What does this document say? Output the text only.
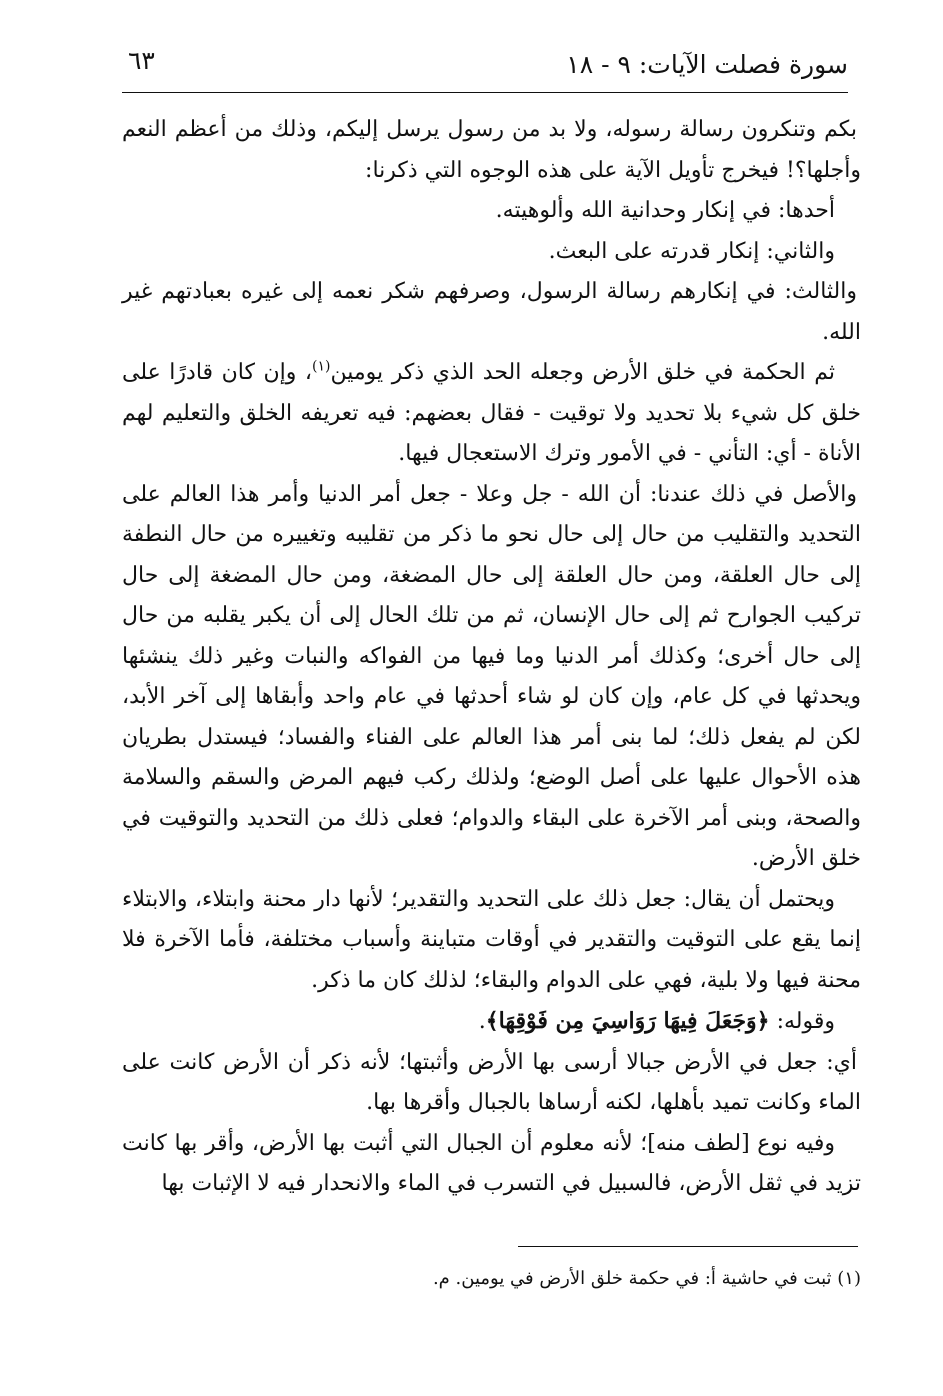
سورة فصلت الآيات: ٩ - ١٨
٦٣

بكم وتنكرون رسالة رسوله، ولا بد من رسول يرسل إليكم، وذلك من أعظم النعم وأجلها؟! فيخرج تأويل الآية على هذه الوجوه التي ذكرنا:

أحدها: في إنكار وحدانية الله وألوهيته.

والثاني: إنكار قدرته على البعث.

والثالث: في إنكارهم رسالة الرسول، وصرفهم شكر نعمه إلى غيره بعبادتهم غير الله.

ثم الحكمة في خلق الأرض وجعله الحد الذي ذكر يومين$^{(١)}$، وإن كان قادرًا على خلق كل شيء بلا تحديد ولا توقيت - فقال بعضهم: فيه تعريفه الخلق والتعليم لهم الأناة - أي: التأني - في الأمور وترك الاستعجال فيها.

والأصل في ذلك عندنا: أن الله - جل وعلا - جعل أمر الدنيا وأمر هذا العالم على التحديد والتقليب من حال إلى حال نحو ما ذكر من تقليبه وتغييره من حال النطفة إلى حال العلقة، ومن حال العلقة إلى حال المضغة، ومن حال المضغة إلى حال تركيب الجوارح ثم إلى حال الإنسان، ثم من تلك الحال إلى أن يكبر يقلبه من حال إلى حال أخرى؛ وكذلك أمر الدنيا وما فيها من الفواكه والنبات وغير ذلك ينشئها ويحدثها في كل عام، وإن كان لو شاء أحدثها في عام واحد وأبقاها إلى آخر الأبد، لكن لم يفعل ذلك؛ لما بنى أمر هذا العالم على الفناء والفساد؛ فيستدل بطريان هذه الأحوال عليها على أصل الوضع؛ ولذلك ركب فيهم المرض والسقم والسلامة والصحة، وبنى أمر الآخرة على البقاء والدوام؛ فعلى ذلك من التحديد والتوقيت في خلق الأرض.

ويحتمل أن يقال: جعل ذلك على التحديد والتقدير؛ لأنها دار محنة وابتلاء، والابتلاء إنما يقع على التوقيت والتقدير في أوقات متباينة وأسباب مختلفة، فأما الآخرة فلا محنة فيها ولا بلية، فهي على الدوام والبقاء؛ لذلك كان ما ذكر.

وقوله: ﴿وَجَعَلَ فِيهَا رَوَاسِيَ مِن فَوْقِهَا﴾.

أي: جعل في الأرض جبالا أرسى بها الأرض وأثبتها؛ لأنه ذكر أن الأرض كانت على الماء وكانت تميد بأهلها، لكنه أرساها بالجبال وأقرها بها.

وفيه نوع [لطف منه]؛ لأنه معلوم أن الجبال التي أثبت بها الأرض، وأقر بها كانت تزيد في ثقل الأرض، فالسبيل في التسرب في الماء والانحدار فيه لا الإثبات بها

(١) ثبت في حاشية أ: في حكمة خلق الأرض في يومين. م.
